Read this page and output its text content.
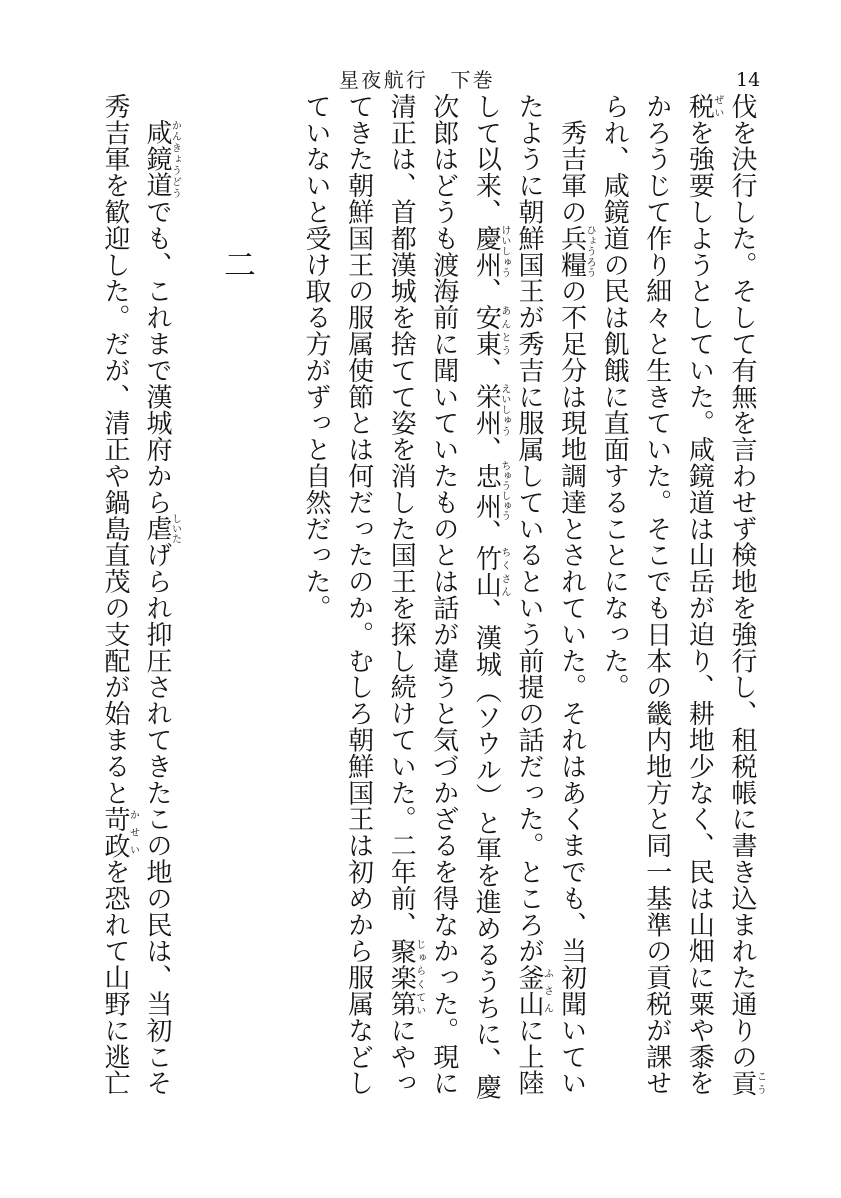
星夜航行　下巻	14
伐を決行した。そして有無を言わせず検地を強行し、租税帳に書き込まれた通りの貢こう
税ぜいを強要しようとしていた。咸鏡道は山岳が迫り、耕地少なく、民は山畑に粟や黍を
かろうじて作り細々と生きていた。そこでも日本の畿内地方と同一基準の貢税が課せ
られ、咸鏡道の民は飢餓に直面することになった。
　秀吉軍の兵糧ひょうろうの不足分は現地調達とされていた。それはあくまでも、当初聞いてい
たように朝鮮国王が秀吉に服属しているという前提の話だった。ところが釜山ふさんに上陸
して以来、慶州けいしゅう、安東あんとう、栄州えいしゅう、忠州ちゅうしゅう、竹山ちくさん、漢城（ソウル）と軍を進めるうちに、慶
次郎はどうも渡海前に聞いていたものとは話が違うと気づかざるを得なかった。現に
清正は、首都漢城を捨てて姿を消した国王を探し続けていた。二年前、聚楽第じゅらくていにやっ
てきた朝鮮国王の服属使節とは何だったのか。むしろ朝鮮国王は初めから服属などし
ていないと受け取る方がずっと自然だった。
二
　咸鏡道かんきょうどうでも、これまで漢城府から虐しいたげられ抑圧されてきたこの地の民は、当初こそ
秀吉軍を歓迎した。だが、清正や鍋島直茂の支配が始まると苛政かせいを恐れて山野に逃亡
